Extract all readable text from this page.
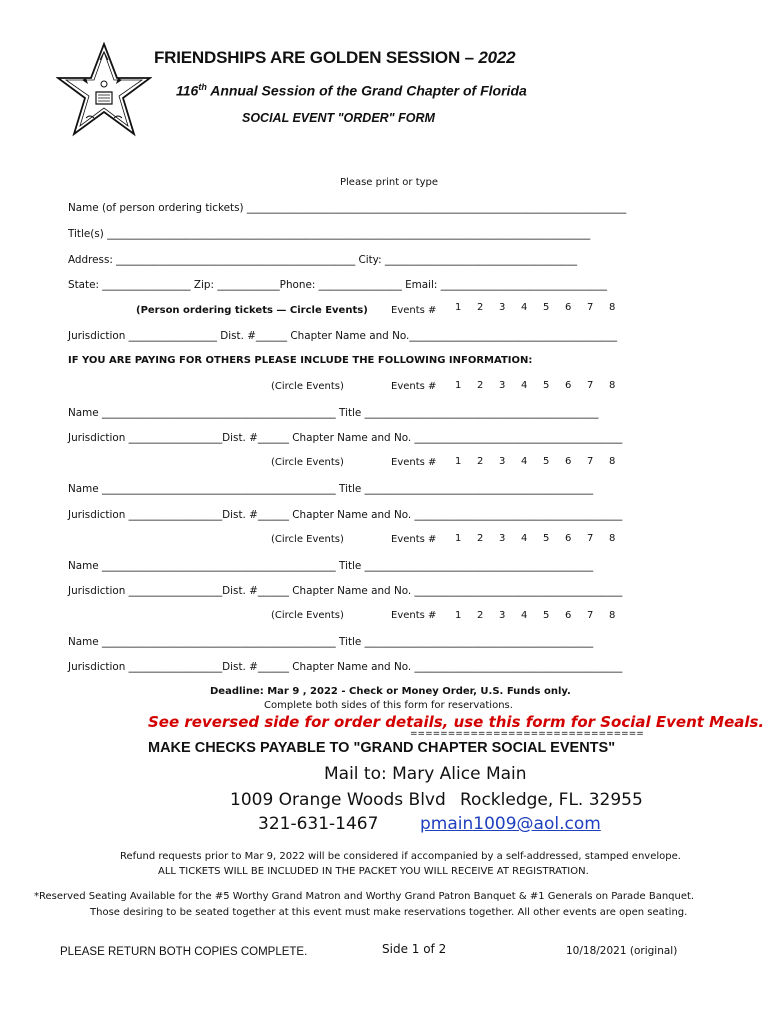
FRIENDSHIPS ARE GOLDEN SESSION – 2022
116th Annual Session of the Grand Chapter of Florida
SOCIAL EVENT "ORDER" FORM
Please print or type
Name (of person ordering tickets) _________________________________________________________________________
Title(s) _____________________________________________________________________________________________
Address: ______________________________________________ City: _____________________________________
State: _________________ Zip: ____________Phone: ________________ Email: ________________________________
(Person ordering tickets — Circle Events) Events # 1 2 3 4 5 6 7 8
Jurisdiction _________________ Dist. #______ Chapter Name and No.________________________________________
IF YOU ARE PAYING FOR OTHERS PLEASE INCLUDE THE FOLLOWING INFORMATION:
(Circle Events)	Events # 1 2 3 4 5 6 7 8
Name _____________________________________________ Title _____________________________________________
Jurisdiction __________________Dist. #______ Chapter Name and No. ________________________________________
(Circle Events)	Events # 1 2 3 4 5 6 7 8
Name _____________________________________________ Title ____________________________________________
Jurisdiction __________________Dist. #______ Chapter Name and No. ________________________________________
(Circle Events)	Events # 1 2 3 4 5 6 7 8
Name _____________________________________________ Title ____________________________________________
Jurisdiction __________________Dist. #______ Chapter Name and No. ________________________________________
(Circle Events)	Events # 1 2 3 4 5 6 7 8
Name _____________________________________________ Title ____________________________________________
Jurisdiction __________________Dist. #______ Chapter Name and No. ________________________________________
Deadline: Mar 9 , 2022 - Check or Money Order, U.S. Funds only.
Complete both sides of this form for reservations.
See reversed side for order details, use this form for Social Event Meals.
===============================
MAKE CHECKS PAYABLE TO "GRAND CHAPTER SOCIAL EVENTS"
Mail to: Mary Alice Main
1009 Orange Woods Blvd Rockledge, FL. 32955
321-631-1467 pmain1009@aol.com
Refund requests prior to Mar 9, 2022 will be considered if accompanied by a self-addressed, stamped envelope.
ALL TICKETS WILL BE INCLUDED IN THE PACKET YOU WILL RECEIVE AT REGISTRATION.
*Reserved Seating Available for the #5 Worthy Grand Matron and Worthy Grand Patron Banquet & #1 Generals on Parade Banquet.
Those desiring to be seated together at this event must make reservations together. All other events are open seating.
PLEASE RETURN BOTH COPIES COMPLETE.	Side 1 of 2	10/18/2021 (original)
